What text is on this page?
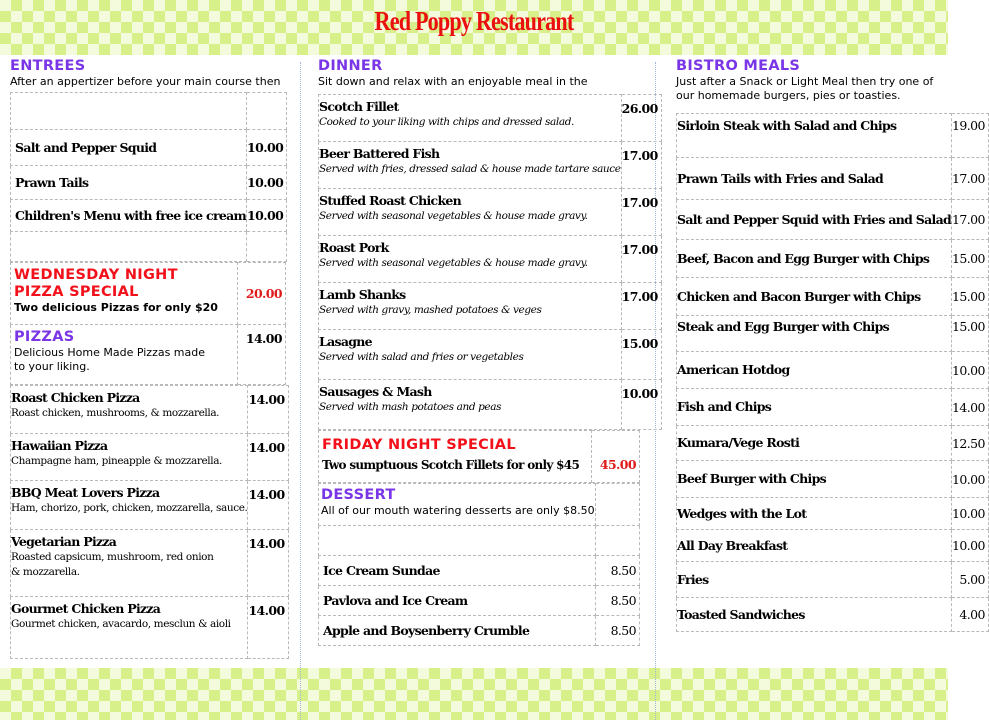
Red Poppy Restaurant
ENTREES
After an appertizer before your main course then

Salt and Pepper Squid	10.00
Prawn Tails	10.00
Children's Menu with free ice cream	10.00

WEDNESDAY NIGHT
PIZZA SPECIAL
Two delicious Pizzas for only $20	20.00

PIZZAS
Delicious Home Made Pizzas made to your liking.	14.00
Roast Chicken Pizza
Roast chicken, mushrooms, & mozzarella.	14.00

Hawaiian Pizza
Champagne ham, pineapple & mozzarella.	14.00

BBQ Meat Lovers Pizza
Ham, chorizo, pork, chicken, mozzarella, sauce.	14.00

Vegetarian Pizza
Roasted capsicum, mushroom, red onion
& mozzarella.	14.00

Gourmet Chicken Pizza
Gourmet chicken, avacardo, mesclun & aioli	14.00
DINNER
Sit down and relax with an enjoyable meal in the
Scotch Fillet
Cooked to your liking with chips and dressed salad.	26.00

Beer Battered Fish
Served with fries, dressed salad & house made tartare sauce	17.00

Stuffed Roast Chicken
Served with seasonal vegetables & house made gravy.	17.00

Roast Pork
Served with seasonal vegetables & house made gravy.	17.00

Lamb Shanks
Served with gravy, mashed potatoes & veges	17.00

Lasagne
Served with salad and fries or vegetables	15.00

Sausages & Mash
Served with mash potatoes and peas	10.00
FRIDAY NIGHT SPECIAL
Two sumptuous Scotch Fillets for only $45	45.00
DESSERT
All of our mouth watering desserts are only $8.50	

Ice Cream Sundae	8.50
Pavlova and Ice Cream	8.50
Apple and Boysenberry Crumble	8.50
BISTRO MEALS
Just after a Snack or Light Meal then try one of
our homemade burgers, pies or toasties.
Sirloin Steak with Salad and Chips	19.00
Prawn Tails with Fries and Salad	17.00
Salt and Pepper Squid with Fries and Salad	17.00
Beef, Bacon and Egg Burger with Chips	15.00
Chicken and Bacon Burger with Chips	15.00
Steak and Egg Burger with Chips	15.00
American Hotdog	10.00
Fish and Chips	14.00
Kumara/Vege Rosti	12.50
Beef Burger with Chips	10.00
Wedges with the Lot	10.00
All Day Breakfast	10.00
Fries	5.00
Toasted Sandwiches	4.00
